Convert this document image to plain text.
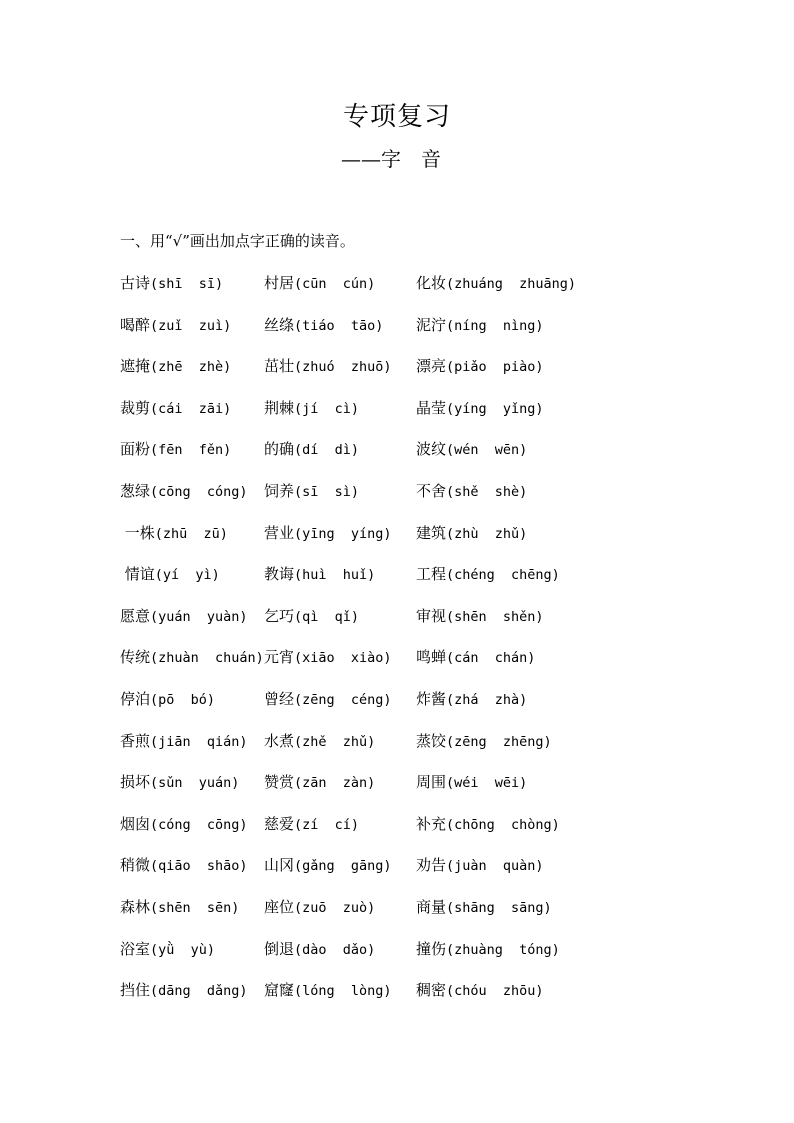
专项复习
——字　音
一、用“√”画出加点字正确的读音。
古诗(shī  sī)	村居(cūn  cún)	化妆(zhuáng  zhuāng)
喝醉(zuǐ  zuì) 丝绦(tiáo  tāo) 泥泞(níng  nìng)
遮掩(zhē  zhè) 茁壮(zhuó  zhuō) 漂亮(piǎo  piào)
裁剪(cái  zāi) 荆棘(jí  cì)	晶莹(yíng  yǐng)
面粉(fēn  fěn) 的确(dí  dì)	波纹(wén  wēn)
葱绿(cōng  cóng) 饲养(sī  sì)	不舍(shě  shè)
一株(zhū  zū) 营业(yīng  yíng) 建筑(zhù  zhǔ)
情谊(yí  yì)	教诲(huì  huǐ)	工程(chéng  chēng)
愿意(yuán  yuàn) 乞巧(qì  qǐ)	审视(shēn  shěn)
传统(zhuàn  chuán) 元宵(xiāo  xiào) 鸣蝉(cán  chán)
停泊(pō  bó)	曾经(zēng  céng) 炸酱(zhá  zhà)
香煎(jiān  qián) 水煮(zhě  zhǔ)	蒸饺(zēng  zhēng)
损坏(sǔn  yuán) 赞赏(zān  zàn)	周围(wéi  wēi)
烟囱(cóng  cōng) 慈爱(zí  cí)	补充(chōng  chòng)
稍微(qiāo  shāo) 山冈(gǎng  gāng) 劝告(juàn  quàn)
森林(shēn  sēn) 座位(zuō  zuò)	商量(shāng  sāng)
浴室(yǜ  yù)	倒退(dào  dǎo)	撞伤(zhuàng  tóng)
挡住(dāng  dǎng) 窟窿(lóng  lòng) 稠密(chóu  zhōu)
